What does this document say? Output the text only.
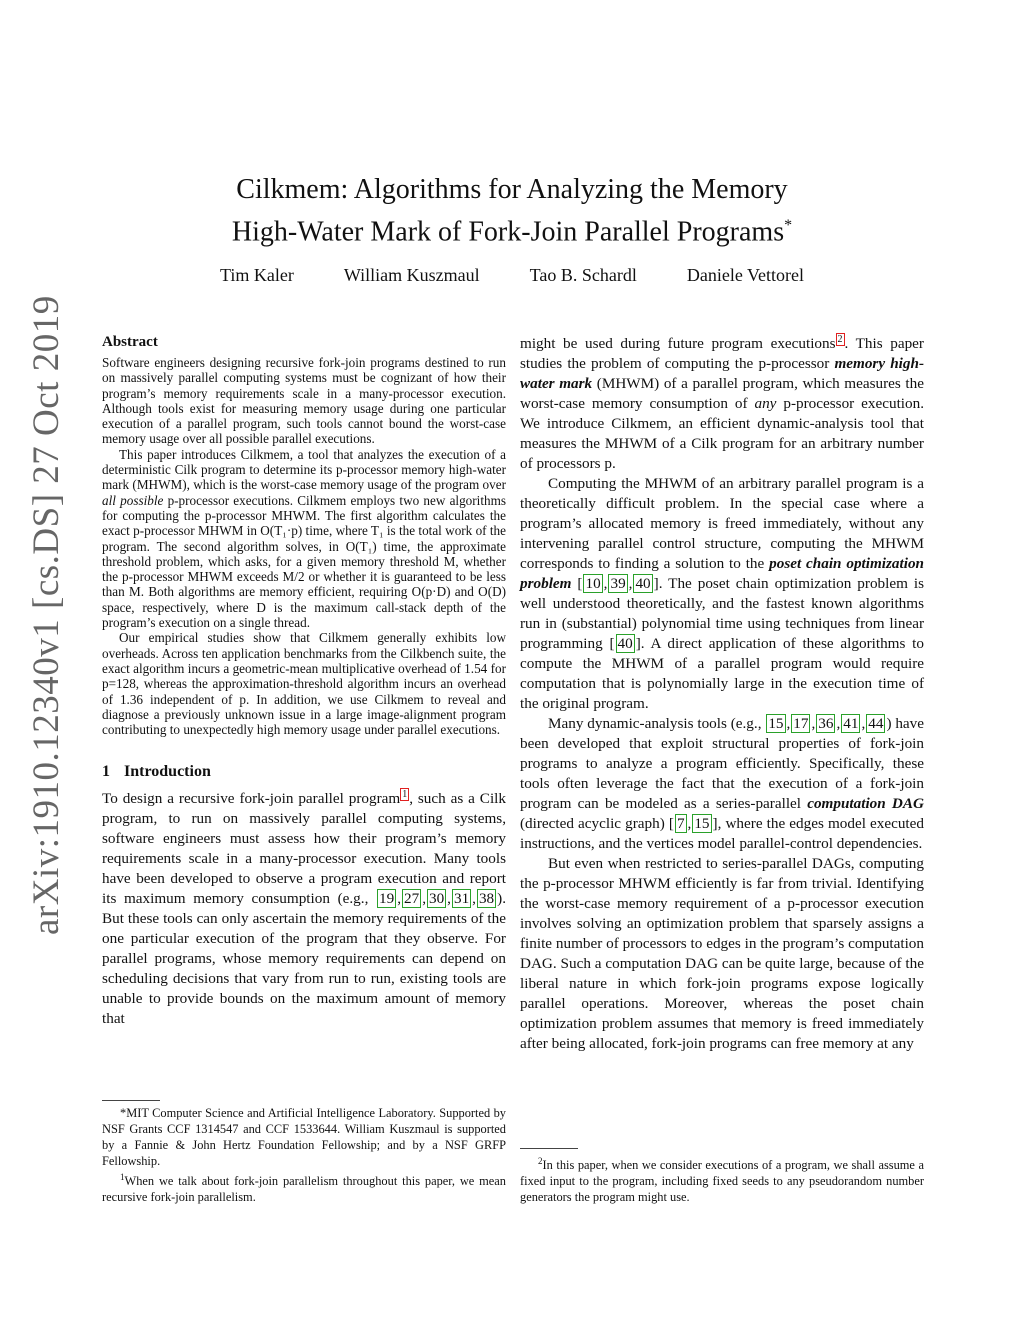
arXiv:1910.12340v1 [cs.DS] 27 Oct 2019
Cilkmem: Algorithms for Analyzing the Memory
High-Water Mark of Fork-Join Parallel Programs*
Tim Kaler	William Kuszmaul	Tao B. Schardl	Daniele Vettorel
Abstract

Software engineers designing recursive fork-join programs destined to run on massively parallel computing systems must be cognizant of how their program’s memory requirements scale in a many-processor execution. Although tools exist for measuring memory usage during one particular execution of a parallel program, such tools cannot bound the worst-case memory usage over all possible parallel executions.

This paper introduces Cilkmem, a tool that analyzes the execution of a deterministic Cilk program to determine its p-processor memory high-water mark (MHWM), which is the worst-case memory usage of the program over all possible p-processor executions. Cilkmem employs two new algorithms for computing the p-processor MHWM. The first algorithm calculates the exact p-processor MHWM in O(T₁·p) time, where T₁ is the total work of the program. The second algorithm solves, in O(T₁) time, the approximate threshold problem, which asks, for a given memory threshold M, whether the p-processor MHWM exceeds M/2 or whether it is guaranteed to be less than M. Both algorithms are memory efficient, requiring O(p·D) and O(D) space, respectively, where D is the maximum call-stack depth of the program’s execution on a single thread.

Our empirical studies show that Cilkmem generally exhibits low overheads. Across ten application benchmarks from the Cilkbench suite, the exact algorithm incurs a geometric-mean multiplicative overhead of 1.54 for p=128, whereas the approximation-threshold algorithm incurs an overhead of 1.36 independent of p. In addition, we use Cilkmem to reveal and diagnose a previously unknown issue in a large image-alignment program contributing to unexpectedly high memory usage under parallel executions.

1 Introduction

To design a recursive fork-join parallel program $^1$ , such as a Cilk program, to run on massively parallel computing systems, software engineers must assess how their program’s memory requirements scale in a many-processor execution. Many tools have been developed to observe a program execution and report its maximum memory consumption (e.g., 19 , 27 , 30 , 31 , 38 ). But these tools can only ascertain the memory requirements of the one particular execution of the program that they observe. For parallel programs, whose memory requirements can depend on scheduling decisions that vary from run to run, existing tools are unable to provide bounds on the maximum amount of memory that

might be used during future program executions $^2$ . This paper studies the problem of computing the p-processor memory high-water mark (MHWM) of a parallel program, which measures the worst-case memory consumption of any p-processor execution. We introduce Cilkmem, an efficient dynamic-analysis tool that measures the MHWM of a Cilk program for an arbitrary number of processors p.

Computing the MHWM of an arbitrary parallel program is a theoretically difficult problem. In the special case where a program’s allocated memory is freed immediately, without any intervening parallel control structure, computing the MHWM corresponds to finding a solution to the poset chain optimization problem [ 10 , 39 , 40 ]. The poset chain optimization problem is well understood theoretically, and the fastest known algorithms run in (substantial) polynomial time using techniques from linear programming [ 40 ]. A direct application of these algorithms to compute the MHWM of a parallel program would require computation that is polynomially large in the execution time of the original program.

Many dynamic-analysis tools (e.g., 15 , 17 , 36 , 41 , 44 ) have been developed that exploit structural properties of fork-join programs to analyze a program efficiently. Specifically, these tools often leverage the fact that the execution of a fork-join program can be modeled as a series-parallel computation DAG (directed acyclic graph) [ 7 , 15 ], where the edges model executed instructions, and the vertices model parallel-control dependencies.

But even when restricted to series-parallel DAGs, computing the p-processor MHWM efficiently is far from trivial. Identifying the worst-case memory requirement of a p-processor execution involves solving an optimization problem that sparsely assigns a finite number of processors to edges in the program’s computation DAG. Such a computation DAG can be quite large, because of the liberal nature in which fork-join programs expose logically parallel operations. Moreover, whereas the poset chain optimization problem assumes that memory is freed immediately after being allocated, fork-join programs can free memory at any

*MIT Computer Science and Artificial Intelligence Laboratory. Supported by NSF Grants CCF 1314547 and CCF 1533644. William Kuszmaul is supported by a Fannie & John Hertz Foundation Fellowship; and by a NSF GRFP Fellowship.

$^1$When we talk about fork-join parallelism throughout this paper, we mean recursive fork-join parallelism.

$^2$In this paper, when we consider executions of a program, we shall assume a fixed input to the program, including fixed seeds to any pseudorandom number generators the program might use.
